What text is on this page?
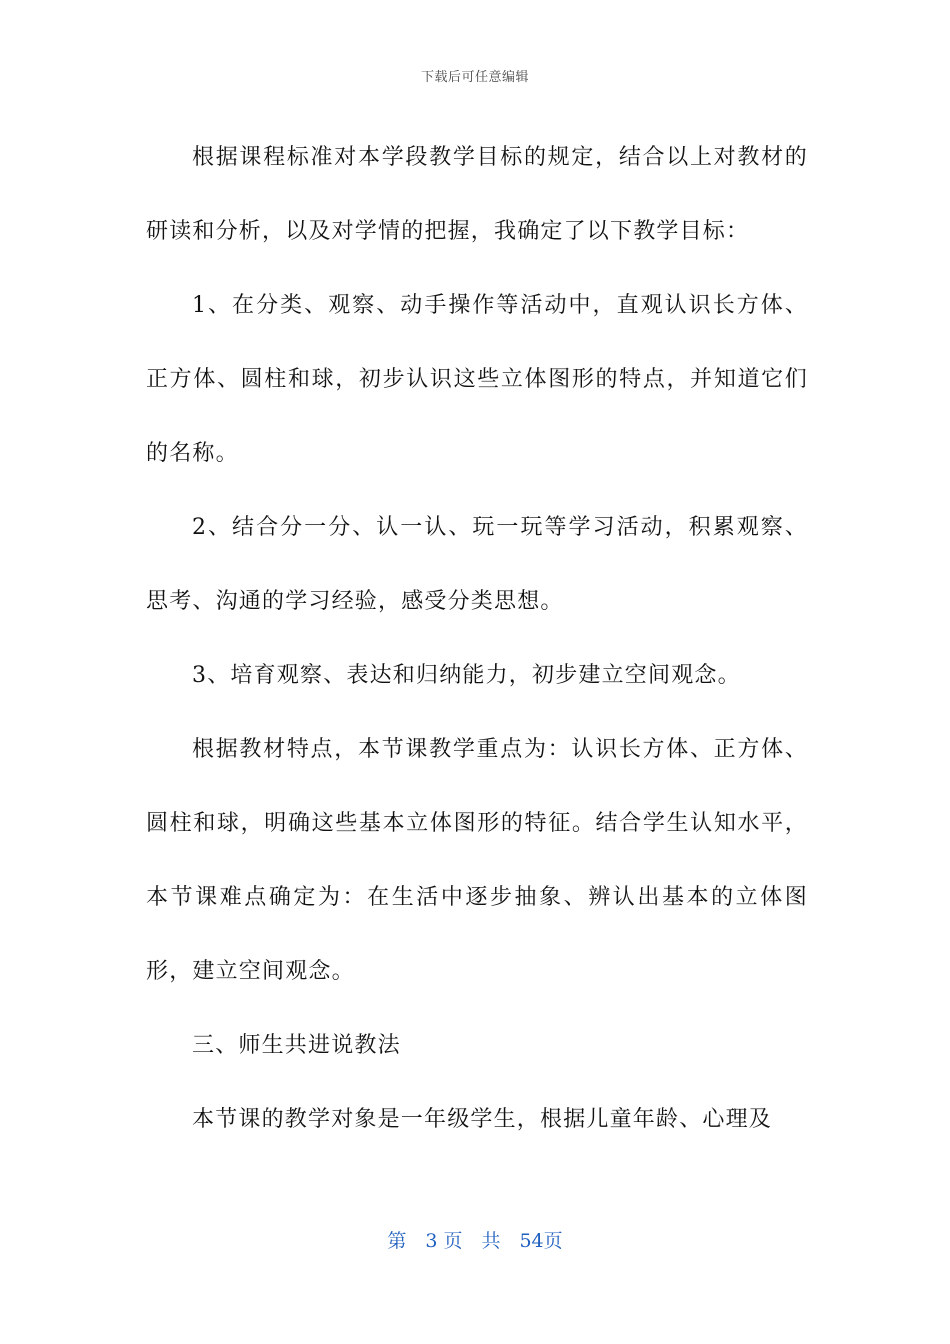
下载后可任意编辑

根据课程标准对本学段教学目标的规定，结合以上对教材的研读和分析，以及对学情的把握，我确定了以下教学目标：

1、在分类、观察、动手操作等活动中，直观认识长方体、正方体、圆柱和球，初步认识这些立体图形的特点，并知道它们的名称。

2、结合分一分、认一认、玩一玩等学习活动，积累观察、思考、沟通的学习经验，感受分类思想。

3、培育观察、表达和归纳能力，初步建立空间观念。

根据教材特点，本节课教学重点为：认识长方体、正方体、圆柱和球，明确这些基本立体图形的特征。结合学生认知水平，本节课难点确定为：在生活中逐步抽象、辨认出基本的立体图形，建立空间观念。

三、师生共进说教法

本节课的教学对象是一年级学生，根据儿童年龄、心理及

第　3 页　共　54页
